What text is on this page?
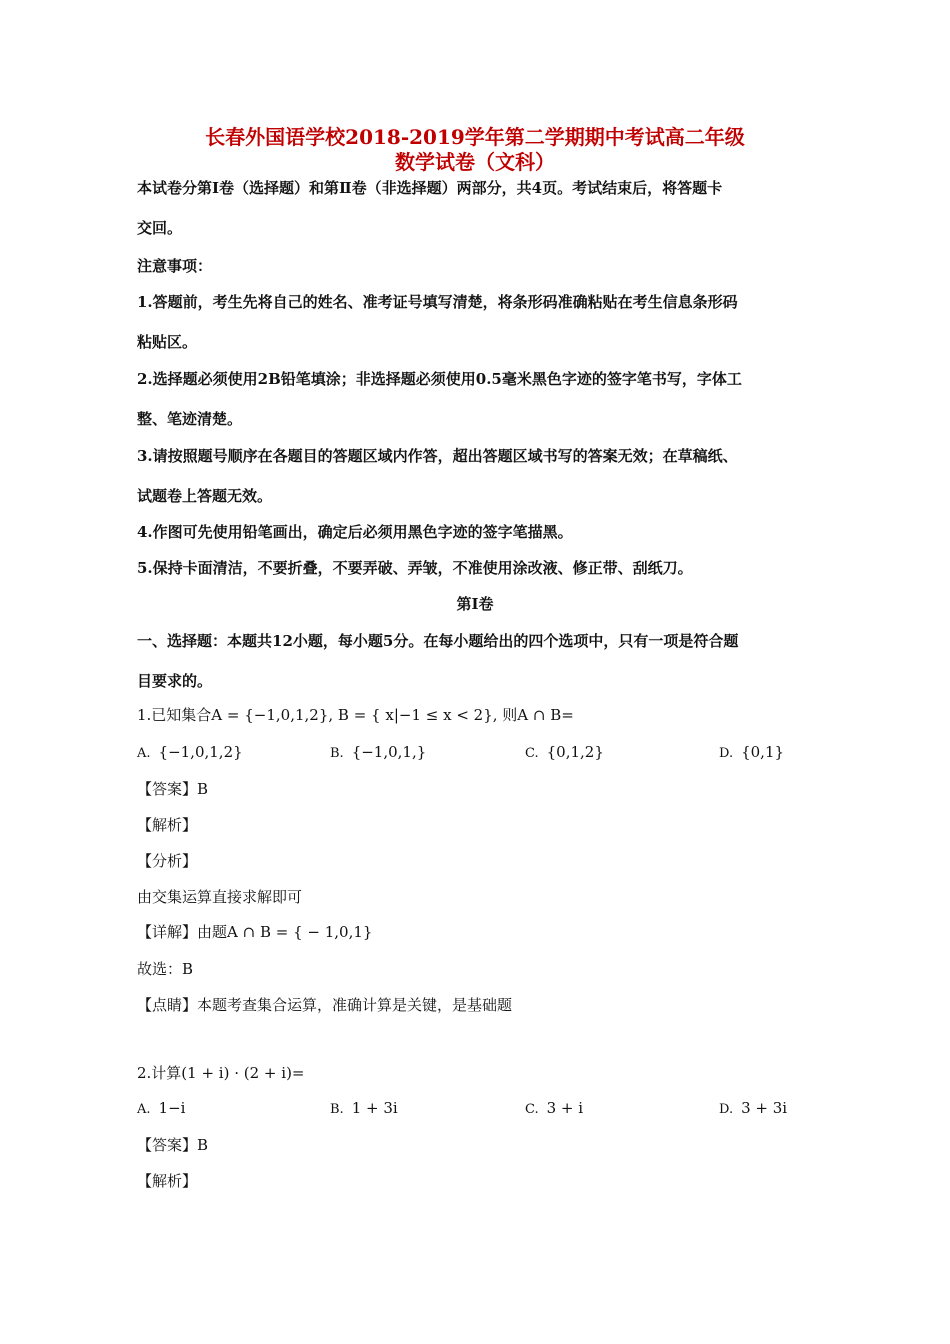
长春外国语学校2018-2019学年第二学期期中考试高二年级
数学试卷（文科）
本试卷分第Ⅰ卷（选择题）和第Ⅱ卷（非选择题）两部分，共4页。考试结束后，将答题卡
交回。
注意事项：
1.答题前，考生先将自己的姓名、准考证号填写清楚，将条形码准确粘贴在考生信息条形码
粘贴区。
2.选择题必须使用2B铅笔填涂；非选择题必须使用0.5毫米黑色字迹的签字笔书写，字体工
整、笔迹清楚。
3.请按照题号顺序在各题目的答题区域内作答，超出答题区域书写的答案无效；在草稿纸、
试题卷上答题无效。
4.作图可先使用铅笔画出，确定后必须用黑色字迹的签字笔描黑。
5.保持卡面清洁，不要折叠，不要弄破、弄皱，不准使用涂改液、修正带、刮纸刀。
第Ⅰ卷
一、选择题：本题共12小题，每小题5分。在每小题给出的四个选项中，只有一项是符合题
目要求的。
1.已知集合A = {−1,0,1,2}, B = { x|−1 ≤ x < 2}, 则A ∩ B=
A. {−1,0,1,2}	B. {−1,0,1,}	C. {0,1,2}	D. {0,1}
【答案】B
【解析】
【分析】
由交集运算直接求解即可
【详解】由题A ∩ B = { − 1,0,1}
故选：B
【点睛】本题考查集合运算，准确计算是关键，是基础题
2.计算(1 + i) · (2 + i)=
A. 1−i	B. 1 + 3i	C. 3 + i	D. 3 + 3i
【答案】B
【解析】
